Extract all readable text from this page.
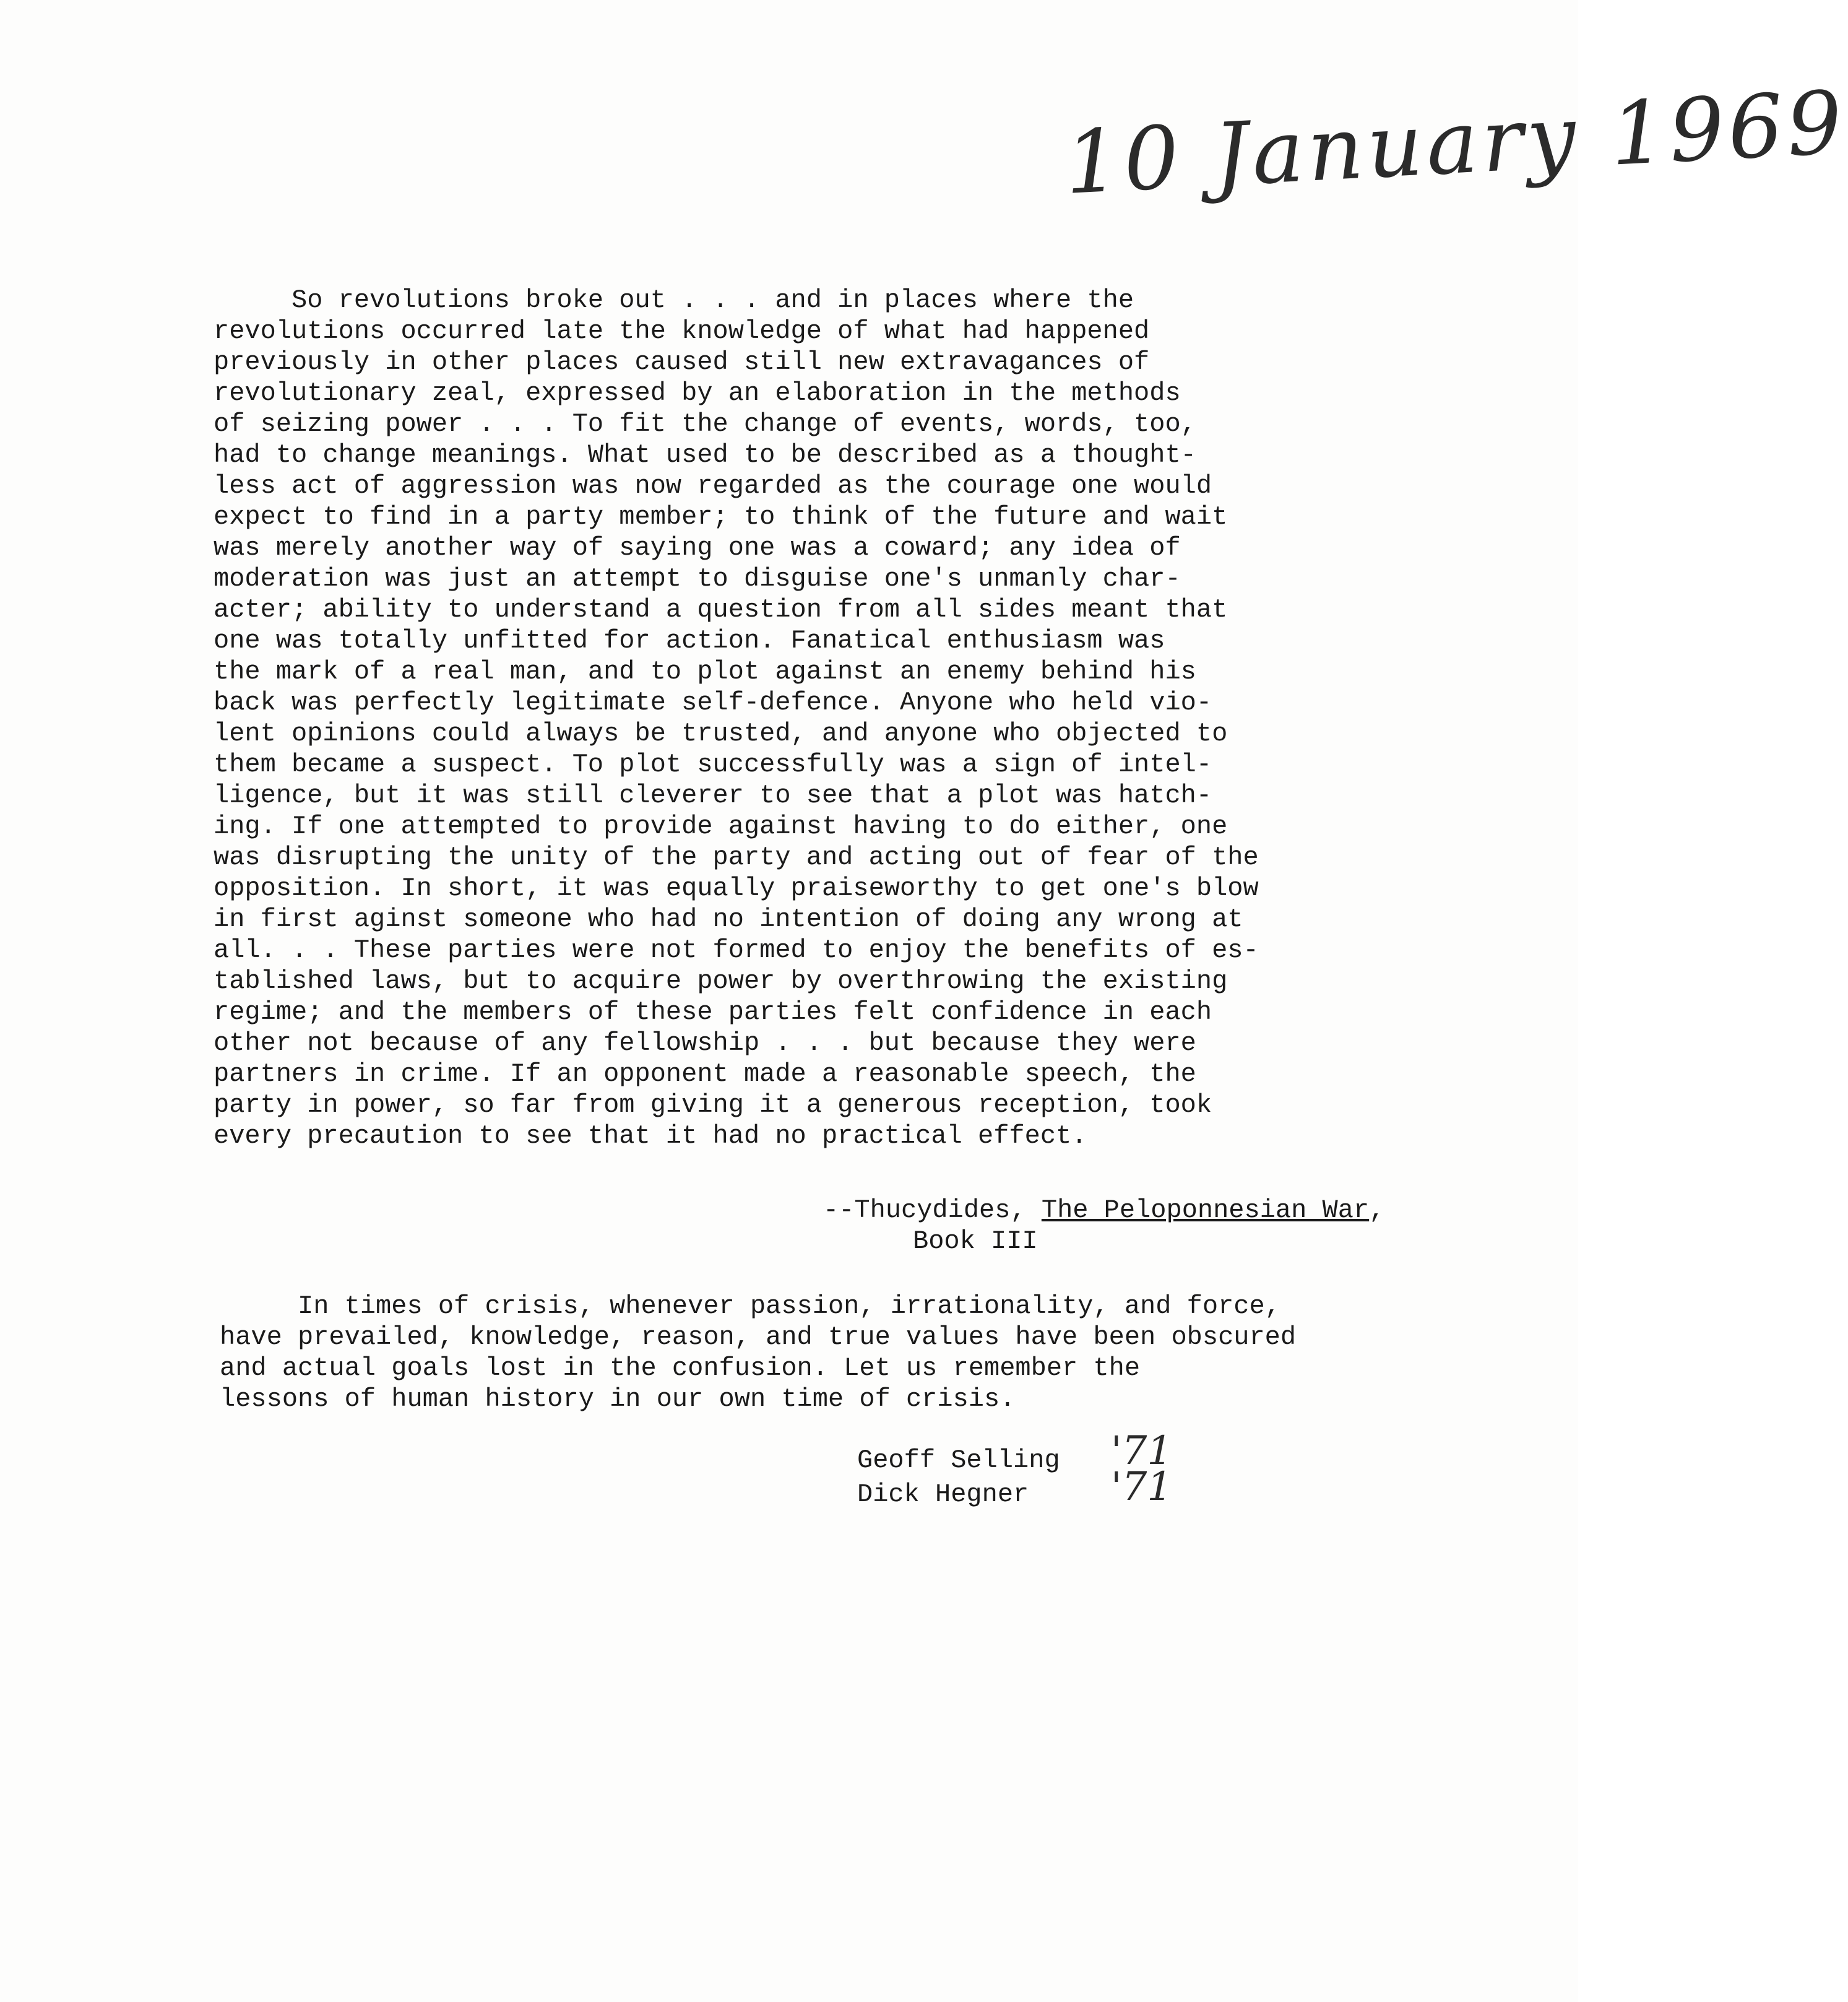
10 January 1969

So revolutions broke out . . . and in places where the

revolutions occurred late the knowledge of what had happened

previously in other places caused still new extravagances of

revolutionary zeal, expressed by an elaboration in the methods

of seizing power . . . To fit the change of events, words, too,

had to change meanings. What used to be described as a thought-

less act of aggression was now regarded as the courage one would

expect to find in a party member; to think of the future and wait

was merely another way of saying one was a coward; any idea of

moderation was just an attempt to disguise one's unmanly char-

acter; ability to understand a question from all sides meant that

one was totally unfitted for action. Fanatical enthusiasm was

the mark of a real man, and to plot against an enemy behind his

back was perfectly legitimate self-defence. Anyone who held vio-

lent opinions could always be trusted, and anyone who objected to

them became a suspect. To plot successfully was a sign of intel-

ligence, but it was still cleverer to see that a plot was hatch-

ing. If one attempted to provide against having to do either, one

was disrupting the unity of the party and acting out of fear of the

opposition. In short, it was equally praiseworthy to get one's blow

in first aginst someone who had no intention of doing any wrong at

all. . . These parties were not formed to enjoy the benefits of es-

tablished laws, but to acquire power by overthrowing the existing

regime; and the members of these parties felt confidence in each

other not because of any fellowship . . . but because they were

partners in crime. If an opponent made a reasonable speech, the

party in power, so far from giving it a generous reception, took

every precaution to see that it had no practical effect.

--Thucydides, The Peloponnesian War,

Book III

In times of crisis, whenever passion, irrationality, and force,

have prevailed, knowledge, reason, and true values have been obscured

and actual goals lost in the confusion. Let us remember the

lessons of human history in our own time of crisis.

Geoff Selling

'71

Dick Hegner

'71
